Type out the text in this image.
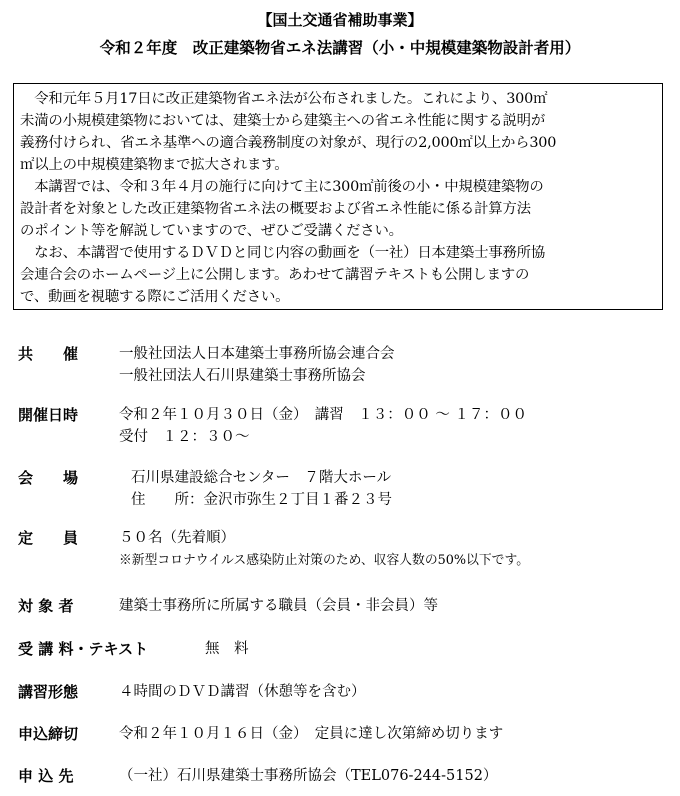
【国土交通省補助事業】
令和２年度　改正建築物省エネ法講習（小・中規模建築物設計者用）
　令和元年５月17日に改正建築物省エネ法が公布されました。これにより、300㎡
未満の小規模建築物においては、建築士から建築主への省エネ性能に関する説明が
義務付けられ、省エネ基準への適合義務制度の対象が、現行の2,000㎡以上から300
㎡以上の中規模建築物まで拡大されます。
　本講習では、令和３年４月の施行に向けて主に300㎡前後の小・中規模建築物の
設計者を対象とした改正建築物省エネ法の概要および省エネ性能に係る計算方法
のポイント等を解説していますので、ぜひご受講ください。
　なお、本講習で使用するＤＶＤと同じ内容の動画を（一社）日本建築士事務所協
会連合会のホームページ上に公開します。あわせて講習テキストも公開しますの
で、動画を視聴する際にご活用ください。
共　　催	一般社団法人日本建築士事務所協会連合会
一般社団法人石川県建築士事務所協会
開催日時	令和２年１０月３０日（金）　講習　１３：００ ～ １７：００
受付　１２：３０～
会　　場	石川県建設総合センター　７階大ホール
住　　所：金沢市弥生２丁目１番２３号
定　　員	５０名（先着順）
※新型コロナウイルス感染防止対策のため、収容人数の50%以下です。
対 象 者	建築士事務所に所属する職員（会員・非会員）等
受 講 料・テキスト	無　料
講習形態	４時間のＤＶＤ講習（休憩等を含む）
申込締切	令和２年１０月１６日（金）　定員に達し次第締め切ります
申 込 先	（一社）石川県建築士事務所協会（TEL076-244-5152）
